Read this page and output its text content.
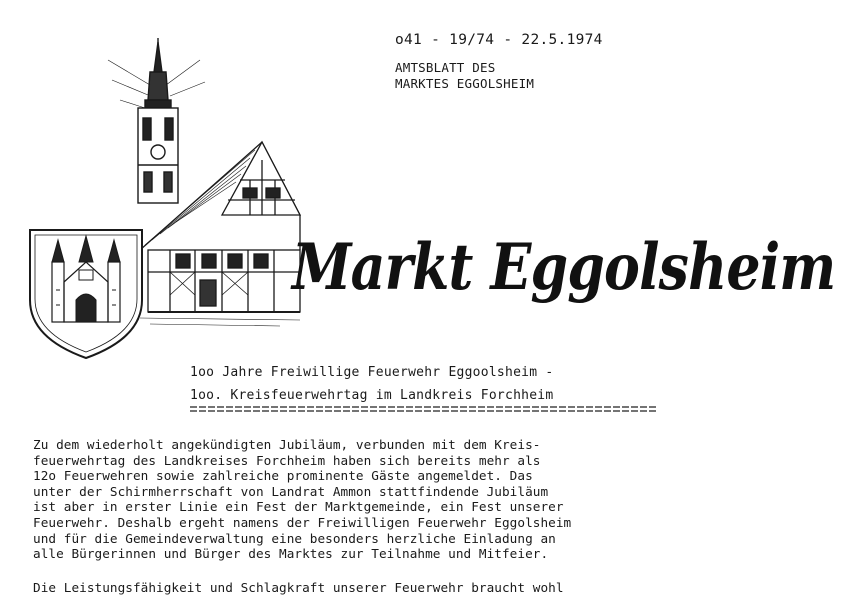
o41 - 19/74 - 22.5.1974
AMTSBLATT DES
MARKTES EGGOLSHEIM
Markt Eggolsheim
1oo Jahre Freiwillige Feuerwehr Eggoolsheim -
1oo. Kreisfeuerwehrtag im Landkreis Forchheim
Zu dem wiederholt angekündigten Jubiläum, verbunden mit dem Kreis-
feuerwehrtag des Landkreises Forchheim haben sich bereits mehr als
12o Feuerwehren sowie zahlreiche prominente Gäste angemeldet. Das
unter der Schirmherrschaft von Landrat Ammon stattfindende Jubiläum
ist aber in erster Linie ein Fest der Marktgemeinde, ein Fest unserer
Feuerwehr. Deshalb ergeht namens der Freiwilligen Feuerwehr Eggolsheim
und für die Gemeindeverwaltung eine besonders herzliche Einladung an
alle Bürgerinnen und Bürger des Marktes zur Teilnahme und Mitfeier.
Die Leistungsfähigkeit und Schlagkraft unserer Feuerwehr braucht wohl
